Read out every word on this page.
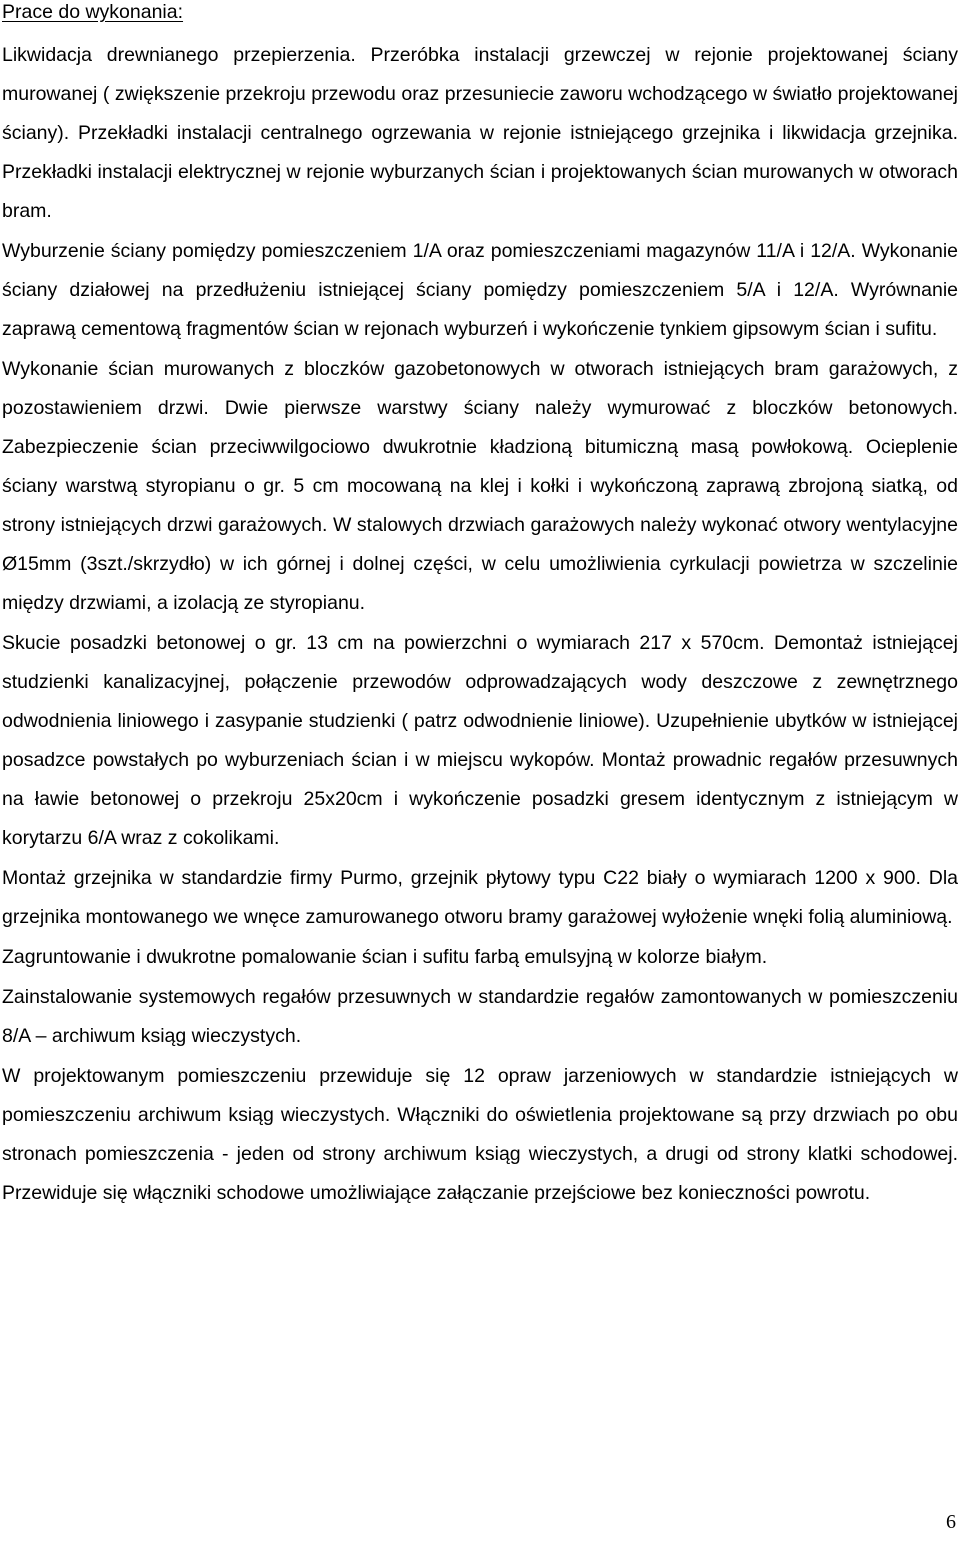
Prace do wykonania:

Likwidacja drewnianego przepierzenia. Przeróbka instalacji grzewczej w rejonie projektowanej ściany murowanej ( zwiększenie przekroju przewodu oraz przesuniecie zaworu wchodzącego w światło projektowanej ściany). Przekładki instalacji centralnego ogrzewania w rejonie istniejącego grzejnika i likwidacja grzejnika. Przekładki instalacji elektrycznej w rejonie wyburzanych ścian i projektowanych ścian murowanych w otworach bram.

Wyburzenie ściany pomiędzy pomieszczeniem 1/A oraz pomieszczeniami magazynów 11/A i 12/A. Wykonanie ściany działowej na przedłużeniu istniejącej ściany pomiędzy pomieszczeniem 5/A i 12/A. Wyrównanie zaprawą cementową fragmentów ścian w rejonach wyburzeń i wykończenie tynkiem gipsowym ścian i sufitu.

Wykonanie ścian murowanych z bloczków gazobetonowych w otworach istniejących bram garażowych, z pozostawieniem drzwi. Dwie pierwsze warstwy ściany należy wymurować z bloczków betonowych. Zabezpieczenie ścian przeciwwilgociowo dwukrotnie kładzioną bitumiczną masą powłokową. Ocieplenie ściany warstwą styropianu o gr. 5 cm mocowaną na klej i kołki i wykończoną zaprawą zbrojoną siatką, od strony istniejących drzwi garażowych. W stalowych drzwiach garażowych należy wykonać otwory wentylacyjne Ø15mm (3szt./skrzydło) w ich górnej i dolnej części, w celu umożliwienia cyrkulacji powietrza w szczelinie między drzwiami, a izolacją ze styropianu.

Skucie posadzki betonowej o gr. 13 cm na powierzchni o wymiarach 217 x 570cm. Demontaż istniejącej studzienki kanalizacyjnej, połączenie przewodów odprowadzających wody deszczowe z zewnętrznego odwodnienia liniowego i zasypanie studzienki ( patrz odwodnienie liniowe). Uzupełnienie ubytków w istniejącej posadzce powstałych po wyburzeniach ścian i w miejscu wykopów. Montaż prowadnic regałów przesuwnych na ławie betonowej o przekroju 25x20cm i wykończenie posadzki gresem identycznym z istniejącym w korytarzu 6/A wraz z cokolikami.

Montaż grzejnika w standardzie firmy Purmo, grzejnik płytowy typu C22 biały o wymiarach 1200 x 900. Dla grzejnika montowanego we wnęce zamurowanego otworu bramy garażowej wyłożenie wnęki folią aluminiową.

Zagruntowanie i dwukrotne pomalowanie ścian i sufitu farbą emulsyjną w kolorze białym.

Zainstalowanie systemowych regałów przesuwnych w standardzie regałów zamontowanych w pomieszczeniu 8/A – archiwum ksiąg wieczystych.

W projektowanym pomieszczeniu przewiduje się 12 opraw jarzeniowych w standardzie istniejących w pomieszczeniu archiwum ksiąg wieczystych. Włączniki do oświetlenia projektowane są przy drzwiach po obu stronach pomieszczenia - jeden od strony archiwum ksiąg wieczystych, a drugi od strony klatki schodowej. Przewiduje się włączniki schodowe umożliwiające załączanie przejściowe bez konieczności powrotu.

6
